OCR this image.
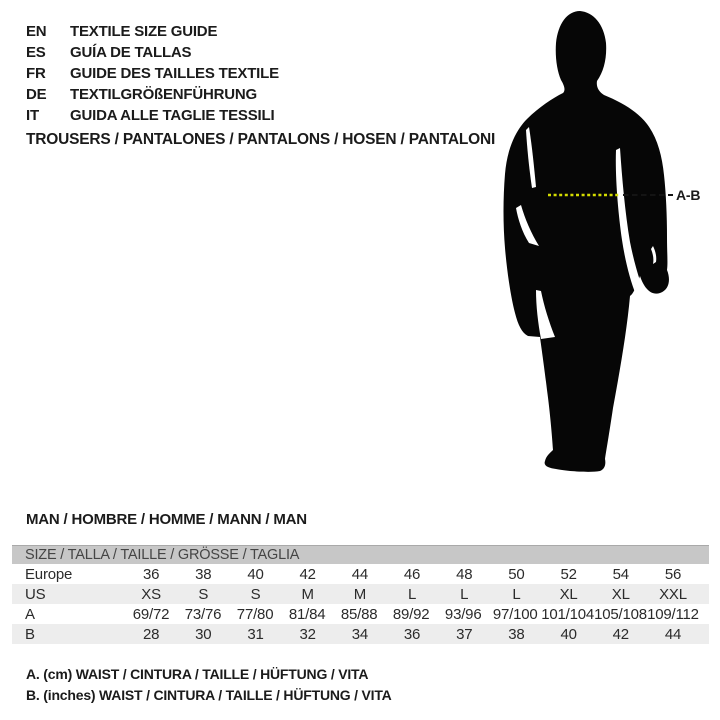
EN	TEXTILE SIZE GUIDE
ES	GUÍA DE TALLAS
FR	GUIDE DES TAILLES TEXTILE
DE	TEXTILGRÖßENFÜHRUNG
IT	GUIDA ALLE TAGLIE TESSILI
TROUSERS / PANTALONES / PANTALONS / HOSEN / PANTALONI
A-B
MAN / HOMBRE / HOMME / MANN / MAN
SIZE / TALLA / TAILLE / GRÖSSE / TAGLIA
Europe	36	38	40	42	44	46	48	50	52	54	56
US	XS	S	S	M	M	L	L	L	XL	XL	XXL
A	69/72	73/76	77/80	81/84	85/88	89/92	93/96 97/100 101/104 105/108 109/112
B	28	30	31	32	34	36	37	38	40	42	44
A. (cm) WAIST / CINTURA / TAILLE / HÜFTUNG / VITA
B. (inches) WAIST / CINTURA / TAILLE / HÜFTUNG / VITA
